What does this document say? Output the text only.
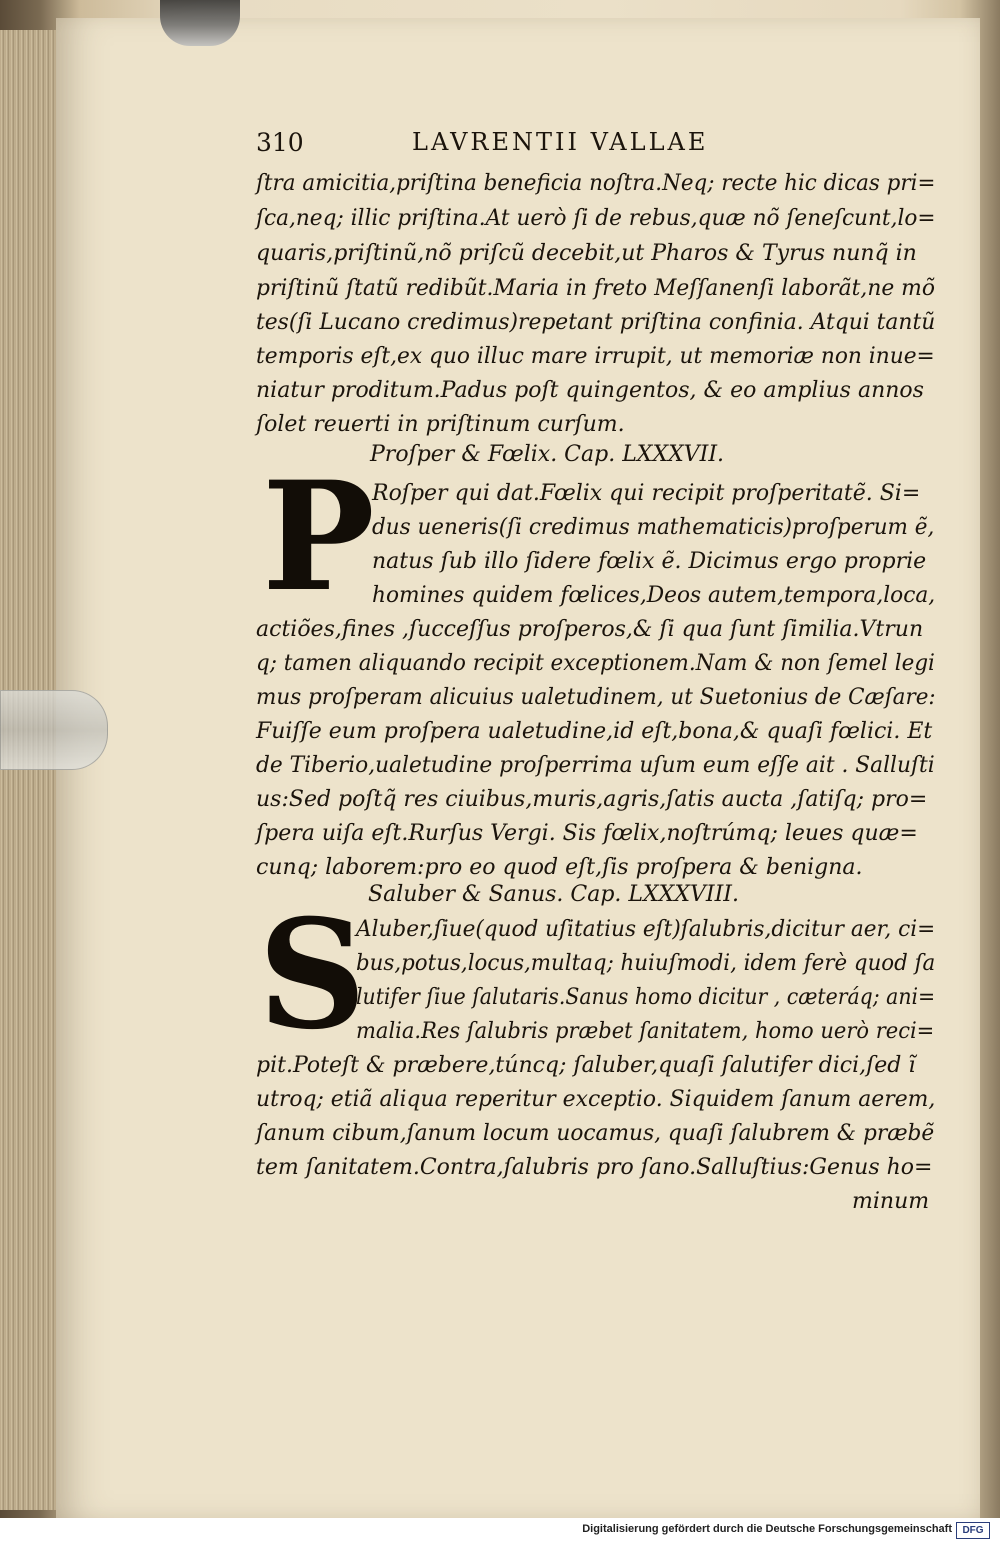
310	LAVRENTII VALLAE
ſtra amicitia,priſtina beneficia noſtra.Neq; recte hic dicas pri=
ſca,neq; illic priſtina.At uerò ſi de rebus,quæ nõ ſeneſcunt,lo=
quaris,priſtinũ,nõ priſcũ decebit,ut Pharos & Tyrus nunq̃ in
priſtinũ ſtatũ redibũt.Maria in freto Meſſanenſi laborãt,ne mõ
tes(ſi Lucano credimus)repetant priſtina confinia. Atqui tantũ
temporis eſt,ex quo illuc mare irrupit, ut memoriæ non inue=
niatur proditum.Padus poſt quingentos, & eo amplius annos
ſolet reuerti in priſtinum curſum.
Proſper & Fœlix. Cap. LXXXVII.
P
Roſper qui dat.Fœlix qui recipit proſperitatẽ. Si=
dus ueneris(ſi credimus mathematicis)proſperum ẽ,
natus ſub illo ſidere fœlix ẽ. Dicimus ergo proprie
homines quidem fœlices,Deos autem,tempora,loca,
actiões,fines ,ſucceſſus proſperos,& ſi qua ſunt ſimilia.Vtrun
q; tamen aliquando recipit exceptionem.Nam & non ſemel legi
mus proſperam alicuius ualetudinem, ut Suetonius de Cæſare:
Fuiſſe eum proſpera ualetudine,id eſt,bona,& quaſi fœlici. Et
de Tiberio,ualetudine proſperrima uſum eum eſſe ait . Salluſti
us:Sed poſtq̃ res ciuibus,muris,agris,ſatis aucta ,ſatiſq; pro=
ſpera uiſa eſt.Rurſus Vergi. Sis fœlix,noſtrúmq; leues quæ=
cunq; laborem:pro eo quod eſt,ſis proſpera & benigna.
Saluber & Sanus. Cap. LXXXVIII.
S
Aluber,ſiue(quod uſitatius eſt)ſalubris,dicitur aer, ci=
bus,potus,locus,multaq; huiuſmodi, idem ferè quod ſa
lutifer ſiue ſalutaris.Sanus homo dicitur , cæteráq; ani=
malia.Res ſalubris præbet ſanitatem, homo uerò reci=
pit.Poteſt & præbere,túncq; ſaluber,quaſi ſalutifer dici,ſed ĩ
utroq; etiã aliqua reperitur exceptio. Siquidem ſanum aerem,
ſanum cibum,ſanum locum uocamus, quaſi ſalubrem & præbẽ
tem ſanitatem.Contra,ſalubris pro ſano.Salluſtius:Genus ho=
minum
Digitalisierung gefördert durch die Deutsche Forschungsgemeinschaft	DFG
